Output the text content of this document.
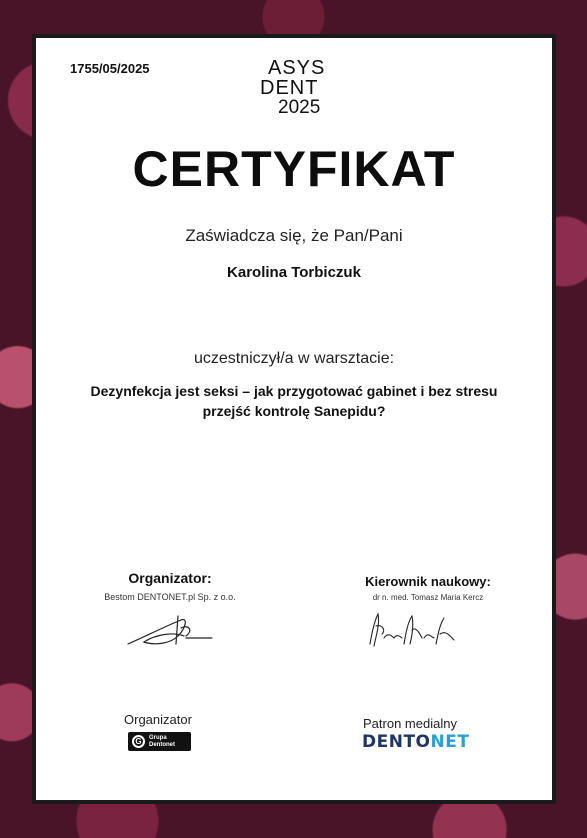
1755/05/2025	ASYS
DENT
2025
CERTYFIKAT
Zaświadcza się, że Pan/Pani
Karolina Torbiczuk
uczestniczył/a w warsztacie:
Dezynfekcja jest seksi – jak przygotować gabinet i bez stresu przejść kontrolę Sanepidu?
Organizator:
Bestom DENTONET.pl Sp. z o.o.
Kierownik naukowy:
dr n. med. Tomasz Maria Kercz
Organizator
G	Grupa
Dentonet
Patron medialny
DENTONET
